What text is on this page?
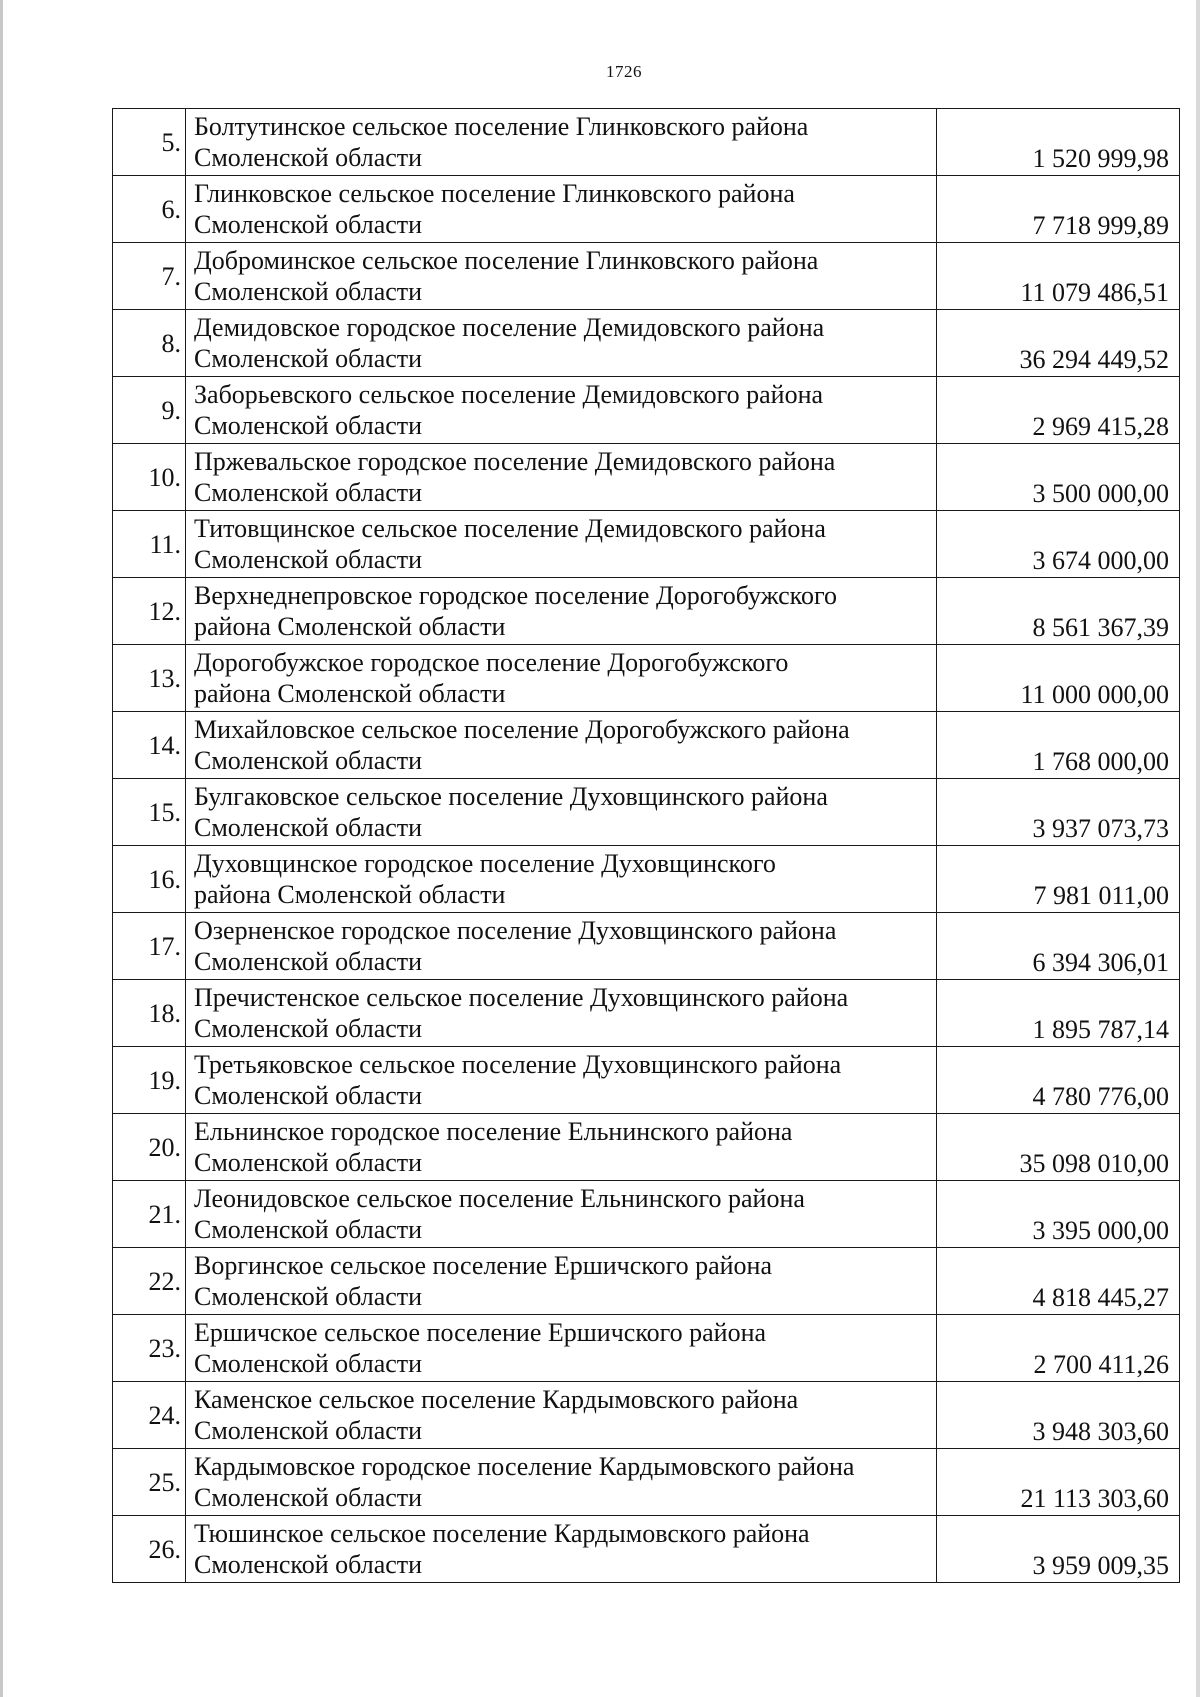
1726
5.	Болтутинское сельское поселение Глинковского района
Смоленской области	1 520 999,98
6.	Глинковское сельское поселение Глинковского района
Смоленской области	7 718 999,89
7.	Доброминское сельское поселение Глинковского района
Смоленской области	11 079 486,51
8.	Демидовское городское поселение Демидовского района
Смоленской области	36 294 449,52
9.	Заборьевского сельское поселение Демидовского района
Смоленской области	2 969 415,28
10.	Пржевальское городское поселение Демидовского района
Смоленской области	3 500 000,00
11.	Титовщинское сельское поселение Демидовского района
Смоленской области	3 674 000,00
12.	Верхнеднепровское городское поселение Дорогобужского
района Смоленской области	8 561 367,39
13.	Дорогобужское городское поселение Дорогобужского
района Смоленской области	11 000 000,00
14.	Михайловское сельское поселение Дорогобужского района
Смоленской области	1 768 000,00
15.	Булгаковское сельское поселение Духовщинского района
Смоленской области	3 937 073,73
16.	Духовщинское городское поселение Духовщинского
района Смоленской области	7 981 011,00
17.	Озерненское городское поселение Духовщинского района
Смоленской области	6 394 306,01
18.	Пречистенское сельское поселение Духовщинского района
Смоленской области	1 895 787,14
19.	Третьяковское сельское поселение Духовщинского района
Смоленской области	4 780 776,00
20.	Ельнинское городское поселение Ельнинского района
Смоленской области	35 098 010,00
21.	Леонидовское сельское поселение Ельнинского района
Смоленской области	3 395 000,00
22.	Воргинское сельское поселение Ершичского района
Смоленской области	4 818 445,27
23.	Ершичское сельское поселение Ершичского района
Смоленской области	2 700 411,26
24.	Каменское сельское поселение Кардымовского района
Смоленской области	3 948 303,60
25.	Кардымовское городское поселение Кардымовского района
Смоленской области	21 113 303,60
26.	Тюшинское сельское поселение Кардымовского района
Смоленской области	3 959 009,35
